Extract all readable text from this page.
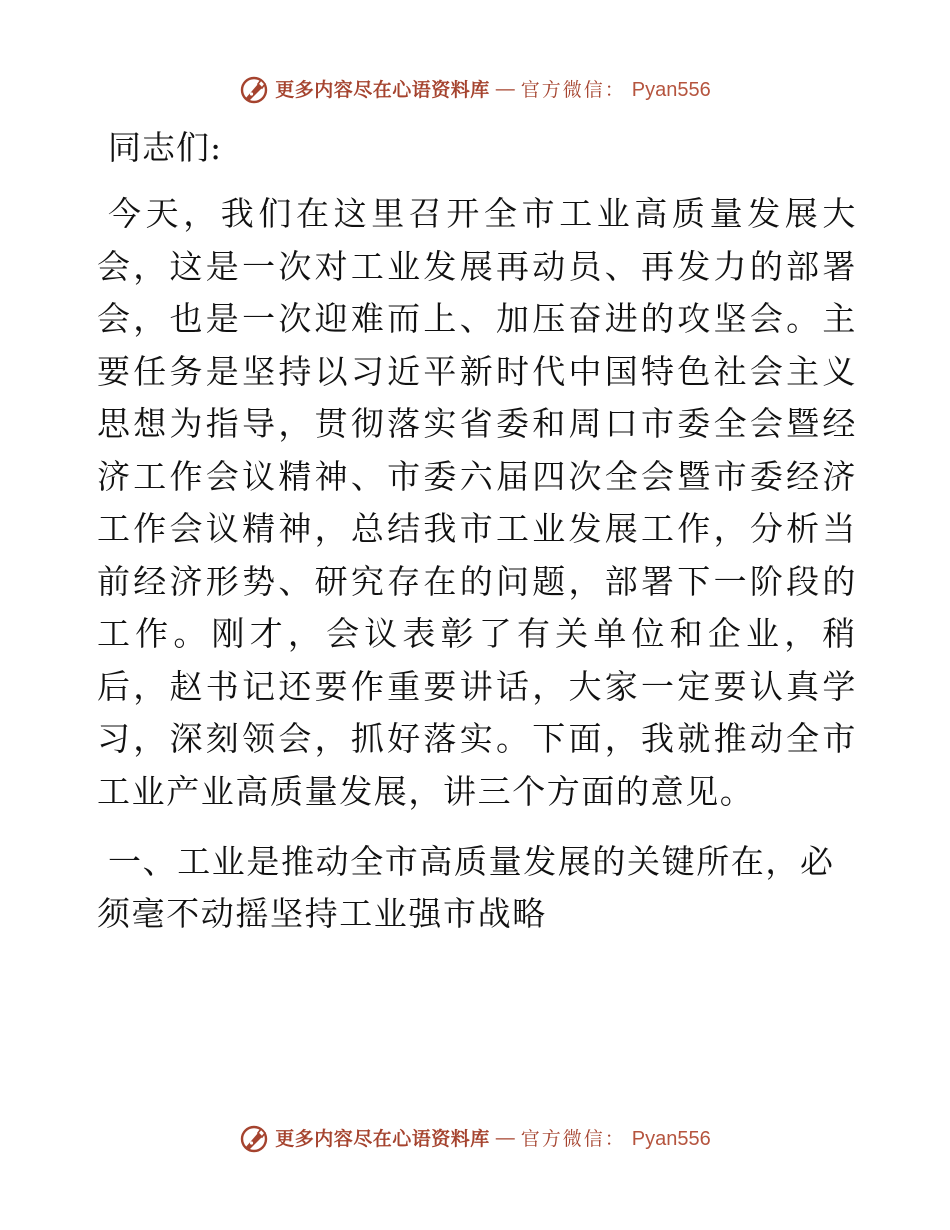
更多内容尽在心语资料库 — 官方微信： Pyan556

同志们:

今天，我们在这里召开全市工业高质量发展大会，这是一次对工业发展再动员、再发力的部署会，也是一次迎难而上、加压奋进的攻坚会。主要任务是坚持以习近平新时代中国特色社会主义思想为指导，贯彻落实省委和周口市委全会暨经济工作会议精神、市委六届四次全会暨市委经济工作会议精神，总结我市工业发展工作，分析当前经济形势、研究存在的问题，部署下一阶段的工作。刚才，会议表彰了有关单位和企业，稍后，赵书记还要作重要讲话，大家一定要认真学习，深刻领会，抓好落实。下面，我就推动全市工业产业高质量发展，讲三个方面的意见。

一、工业是推动全市高质量发展的关键所在，必须毫不动摇坚持工业强市战略

更多内容尽在心语资料库 — 官方微信： Pyan556
